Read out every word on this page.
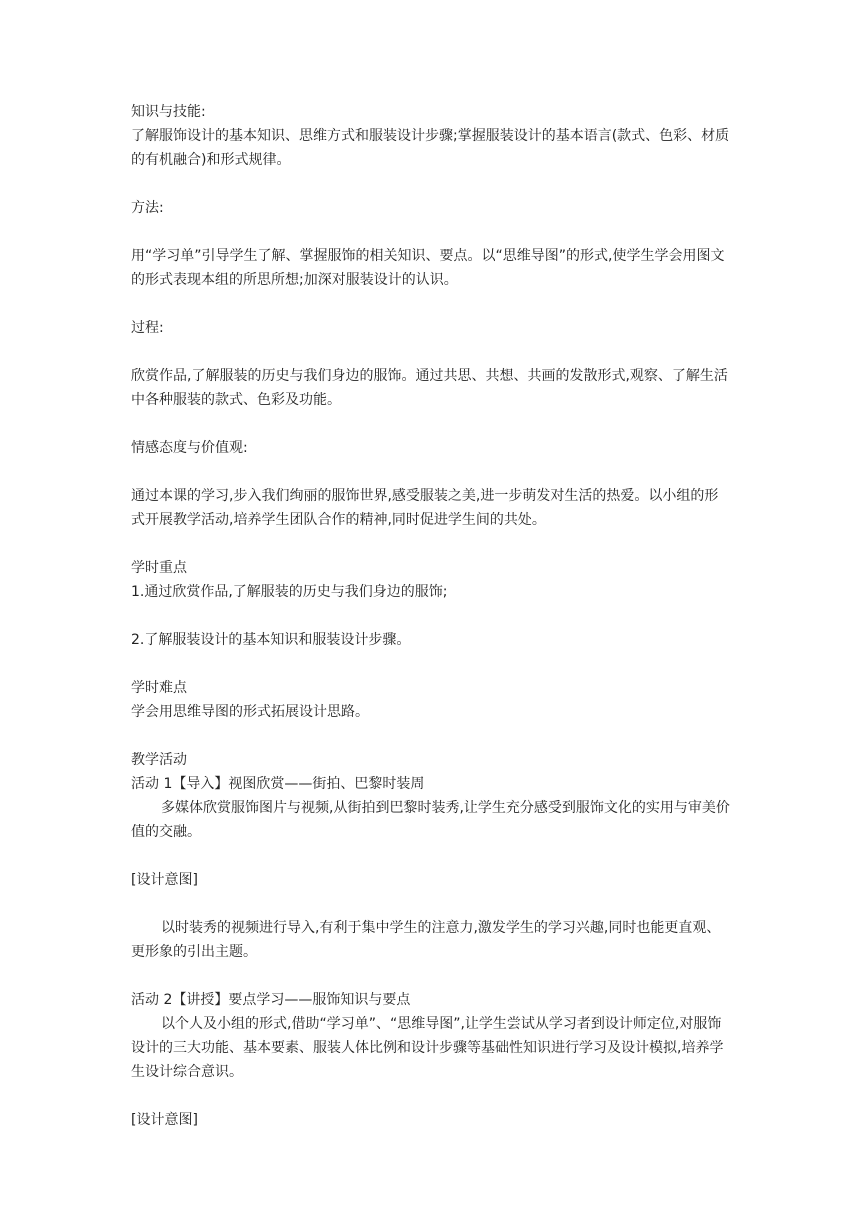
知识与技能:

了解服饰设计的基本知识、思维方式和服装设计步骤;掌握服装设计的基本语言(款式、色彩、材质的有机融合)和形式规律。

方法:

用“学习单”引导学生了解、掌握服饰的相关知识、要点。以“思维导图”的形式,使学生学会用图文的形式表现本组的所思所想;加深对服装设计的认识。

过程:

欣赏作品,了解服装的历史与我们身边的服饰。通过共思、共想、共画的发散形式,观察、了解生活中各种服装的款式、色彩及功能。

情感态度与价值观:

通过本课的学习,步入我们绚丽的服饰世界,感受服装之美,进一步萌发对生活的热爱。以小组的形式开展教学活动,培养学生团队合作的精神,同时促进学生间的共处。

学时重点

1.通过欣赏作品,了解服装的历史与我们身边的服饰;

2.了解服装设计的基本知识和服装设计步骤。

学时难点

学会用思维导图的形式拓展设计思路。

教学活动

活动 1【导入】视图欣赏——街拍、巴黎时装周

多媒体欣赏服饰图片与视频,从街拍到巴黎时装秀,让学生充分感受到服饰文化的实用与审美价值的交融。

[设计意图]

以时装秀的视频进行导入,有利于集中学生的注意力,激发学生的学习兴趣,同时也能更直观、更形象的引出主题。

活动 2【讲授】要点学习——服饰知识与要点

以个人及小组的形式,借助“学习单”、“思维导图”,让学生尝试从学习者到设计师定位,对服饰设计的三大功能、基本要素、服装人体比例和设计步骤等基础性知识进行学习及设计模拟,培养学生设计综合意识。

[设计意图]
